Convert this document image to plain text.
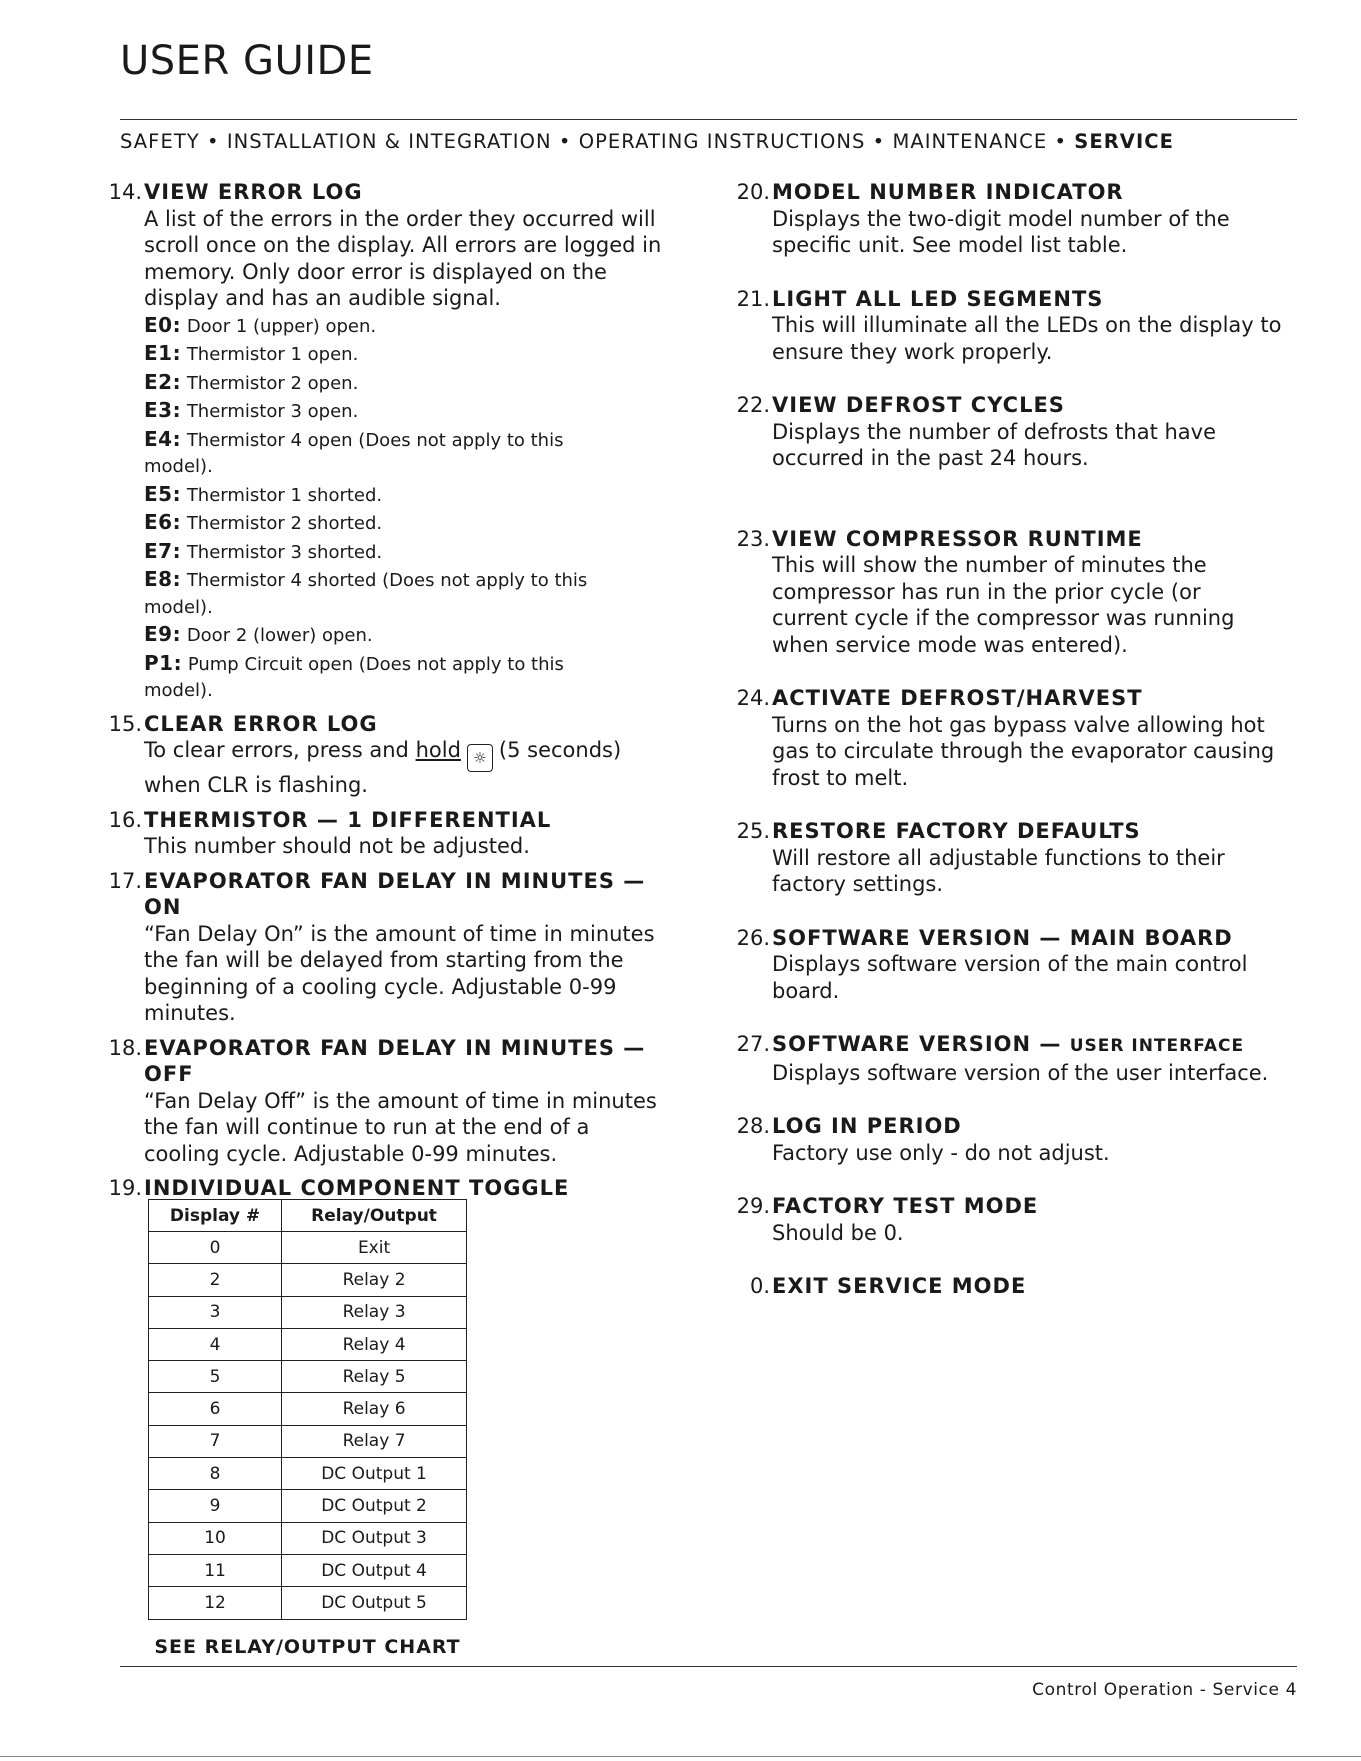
USER GUIDE
SAFETY • INSTALLATION & INTEGRATION • OPERATING INSTRUCTIONS • MAINTENANCE • SERVICE
14. VIEW ERROR LOG
A list of the errors in the order they occurred will scroll once on the display. All errors are logged in memory. Only door error is displayed on the display and has an audible signal.
E0: Door 1 (upper) open.
E1: Thermistor 1 open.
E2: Thermistor 2 open.
E3: Thermistor 3 open.
E4: Thermistor 4 open (Does not apply to this model).
E5: Thermistor 1 shorted.
E6: Thermistor 2 shorted.
E7: Thermistor 3 shorted.
E8: Thermistor 4 shorted (Does not apply to this model).
E9: Door 2 (lower) open.
P1: Pump Circuit open (Does not apply to this model).
15. CLEAR ERROR LOG
To clear errors, press and hold ☼ (5 seconds) when CLR is flashing.
16. THERMISTOR — 1 DIFFERENTIAL
This number should not be adjusted.
17. EVAPORATOR FAN DELAY IN MINUTES — ON
“Fan Delay On” is the amount of time in minutes the fan will be delayed from starting from the beginning of a cooling cycle. Adjustable 0-99 minutes.
18. EVAPORATOR FAN DELAY IN MINUTES — OFF
“Fan Delay Off” is the amount of time in minutes the fan will continue to run at the end of a cooling cycle. Adjustable 0-99 minutes.
19. INDIVIDUAL COMPONENT TOGGLE
Display #	Relay/Output
0	Exit
2	Relay 2
3	Relay 3
4	Relay 4
5	Relay 5
6	Relay 6
7	Relay 7
8	DC Output 1
9	DC Output 2
10	DC Output 3
11	DC Output 4
12	DC Output 5
SEE RELAY/OUTPUT CHART
20. MODEL NUMBER INDICATOR
Displays the two-digit model number of the specific unit. See model list table.
21. LIGHT ALL LED SEGMENTS
This will illuminate all the LEDs on the display to ensure they work properly.
22. VIEW DEFROST CYCLES
Displays the number of defrosts that have occurred in the past 24 hours.
23. VIEW COMPRESSOR RUNTIME
This will show the number of minutes the compressor has run in the prior cycle (or current cycle if the compressor was running when service mode was entered).
24. ACTIVATE DEFROST/HARVEST
Turns on the hot gas bypass valve allowing hot gas to circulate through the evaporator causing frost to melt.
25. RESTORE FACTORY DEFAULTS
Will restore all adjustable functions to their factory settings.
26. SOFTWARE VERSION — MAIN BOARD
Displays software version of the main control board.
27. SOFTWARE VERSION — USER INTERFACE
Displays software version of the user interface.
28. LOG IN PERIOD
Factory use only - do not adjust.
29. FACTORY TEST MODE
Should be 0.
0. EXIT SERVICE MODE
Control Operation - Service 4
